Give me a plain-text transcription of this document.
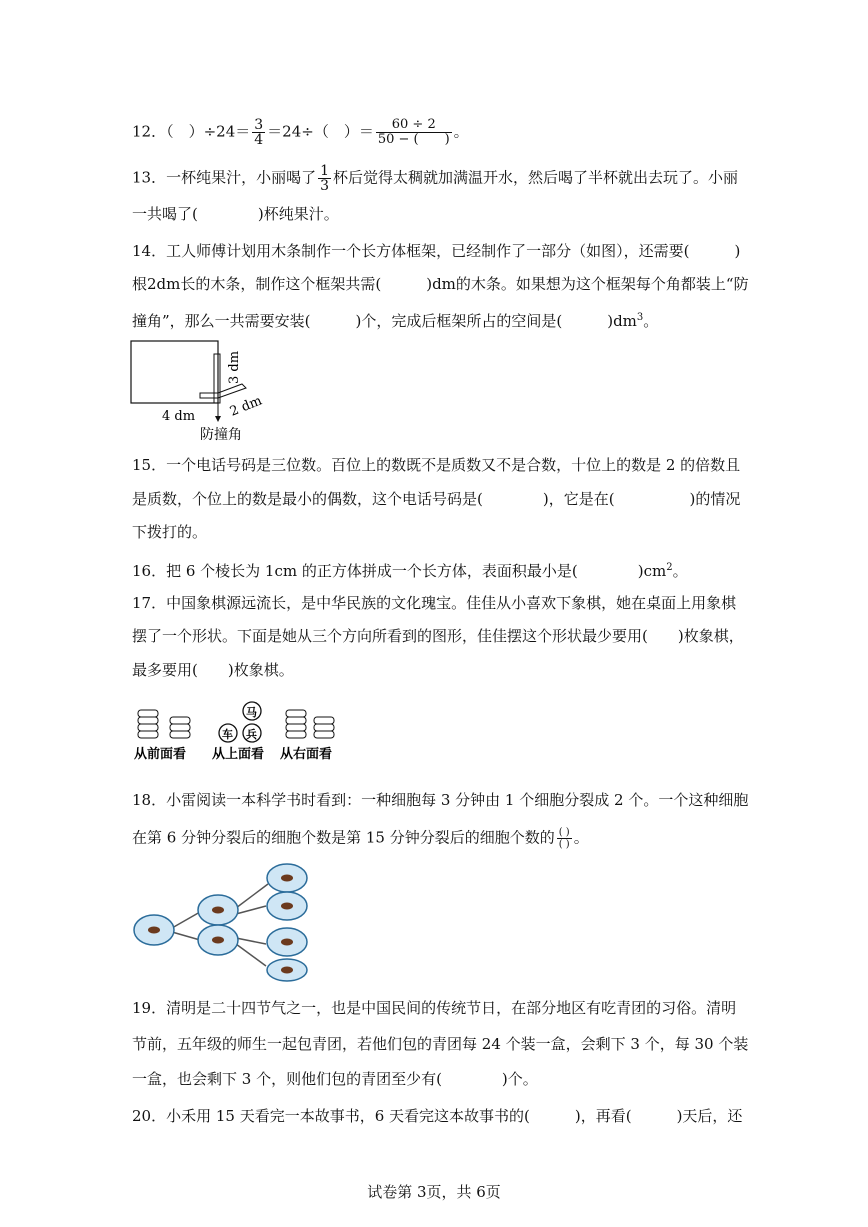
12．（　）$\div 24= \frac{3}{4} =24\div$（　）＝ $\frac{60 \div 2}{50 - ( )}$ 。
13．一杯纯果汁，小丽喝了 $\frac{1}{3}$ 杯后觉得太稠就加满温开水，然后喝了半杯就出去玩了。小丽
一共喝了(　　　　)杯纯果汁。
14．工人师傅计划用木条制作一个长方体框架，已经制作了一部分（如图），还需要(　　　)
根2dm长的木条，制作这个框架共需(　　　)dm的木条。如果想为这个框架每个角都装上“防
撞角”，那么一共需要安装(　　　)个，完成后框架所占的空间是(　　　)$dm^3$。
4 dm
3 dm
2 dm
防撞角
15．一个电话号码是三位数。百位上的数既不是质数又不是合数，十位上的数是 2 的倍数且
是质数，个位上的数是最小的偶数，这个电话号码是(　　　　)，它是在(　　　　　)的情况
下拨打的。
16．把 6 个棱长为 1cm 的正方体拼成一个长方体，表面积最小是(　　　　)$cm^2$。
17．中国象棋源远流长，是中华民族的文化瑰宝。佳佳从小喜欢下象棋，她在桌面上用象棋
摆了一个形状。下面是她从三个方向所看到的图形，佳佳摆这个形状最少要用(　　)枚象棋，
最多要用(　　)枚象棋。
从前面看
马
车 兵
从上面看 从右面看
18．小雷阅读一本科学书时看到：一种细胞每 3 分钟由 1 个细胞分裂成 2 个。一个这种细胞
在第 6 分钟分裂后的细胞个数是第 15 分钟分裂后的细胞个数的 $\frac{( )}{( )}$ 。
19．清明是二十四节气之一，也是中国民间的传统节日，在部分地区有吃青团的习俗。清明
节前，五年级的师生一起包青团，若他们包的青团每 24 个装一盒，会剩下 3 个，每 30 个装
一盒，也会剩下 3 个，则他们包的青团至少有(　　　　)个。
20．小禾用 15 天看完一本故事书，6 天看完这本故事书的(　　　)，再看(　　　)天后，还
试卷第 3页，共 6页
